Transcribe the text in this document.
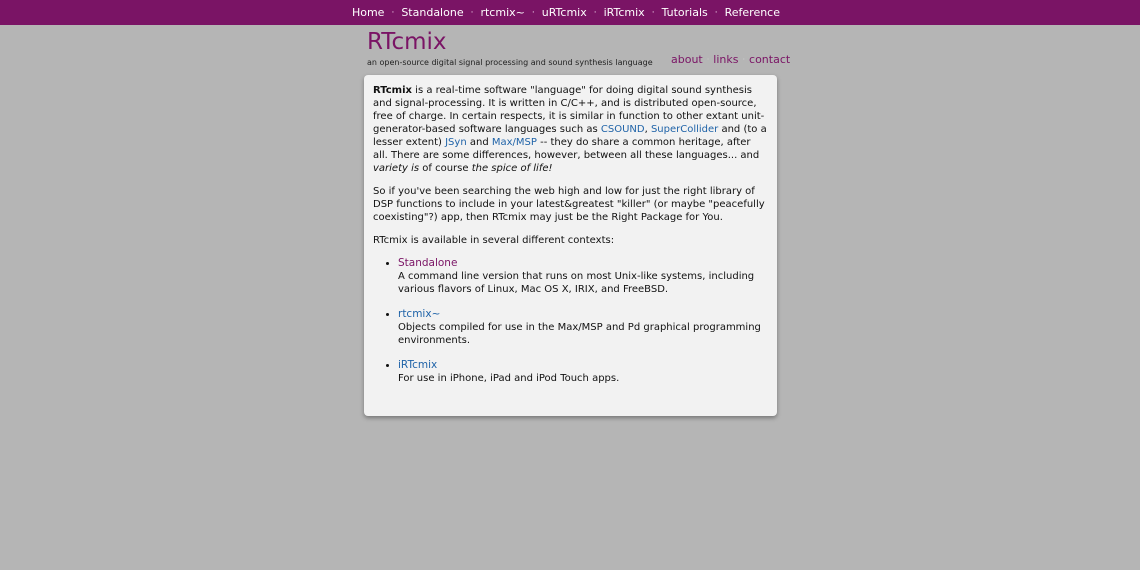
Home · Standalone · rtcmix~ · uRTcmix · iRTcmix · Tutorials · Reference
RTcmix
an open-source digital signal processing and sound synthesis language about · links · contact

RTcmix is a real-time software "language" for doing digital sound synthesis and signal-processing. It is written in C/C++, and is distributed open-source, free of charge. In certain respects, it is similar in function to other extant unit-generator-based software languages such as CSOUND, SuperCollider and (to a lesser extent) JSyn and Max/MSP -- they do share a common heritage, after all. There are some differences, however, between all these languages... and variety is of course the spice of life!

So if you've been searching the web high and low for just the right library of DSP functions to include in your latest&greatest "killer" (or maybe "peacefully coexisting"?) app, then RTcmix may just be the Right Package for You.

RTcmix is available in several different contexts:

• Standalone
A command line version that runs on most Unix-like systems, including various flavors of Linux, Mac OS X, IRIX, and FreeBSD.
• rtcmix~
Objects compiled for use in the Max/MSP and Pd graphical programming environments.
• iRTcmix
For use in iPhone, iPad and iPod Touch apps.
